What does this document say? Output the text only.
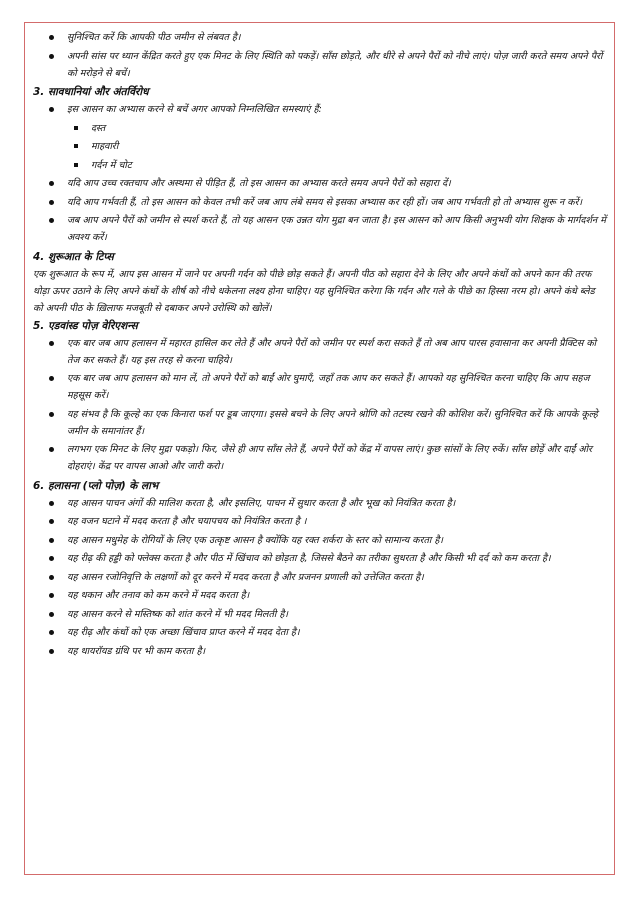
सुनिश्चित करें कि आपकी पीठ जमीन से लंबवत है।
अपनी सांस पर ध्यान केंद्रित करते हुए एक मिनट के लिए स्थिति को पकड़ें। साँस छोड़ते, और धीरे से अपने पैरों को नीचे लाएं। पोज़ जारी करते समय अपने पैरों को मरोड़ने से बचें।
3. सावधानियां और अंतर्विरोध
इस आसन का अभ्यास करने से बचें अगर आपको निम्नलिखित समस्याएं हैं:
दस्त
माहवारी
गर्दन में चोट
यदि आप उच्च रक्तचाप और अस्थमा से पीड़ित हैं, तो इस आसन का अभ्यास करते समय अपने पैरों को सहारा दें।
यदि आप गर्भवती हैं, तो इस आसन को केवल तभी करें जब आप लंबे समय से इसका अभ्यास कर रही हों। जब आप गर्भवती हो तो अभ्यास शुरू न करें।
जब आप अपने पैरों को जमीन से स्पर्श करते हैं, तो यह आसन एक उन्नत योग मुद्रा बन जाता है। इस आसन को आप किसी अनुभवी योग शिक्षक के मार्गदर्शन में अवश्य करें।
4. शुरूआत के टिप्स

एक शुरूआत के रूप में, आप इस आसन में जाने पर अपनी गर्दन को पीछे छोड़ सकते हैं। अपनी पीठ को सहारा देने के लिए और अपने कंधों को अपने कान की तरफ थोड़ा ऊपर उठाने के लिए अपने कंधों के शीर्ष को नीचे धकेलना लक्ष्य होना चाहिए। यह सुनिश्चित करेगा कि गर्दन और गले के पीछे का हिस्सा नरम हो। अपने कंधे ब्लेड को अपनी पीठ के ख़िलाफ मजबूती से दबाकर अपने उरोस्थि को खोलें।

5. एडवांस्ड पोज़ वेरिएशन्स
एक बार जब आप हलासन में महारत हासिल कर लेते हैं और अपने पैरों को जमीन पर स्पर्श करा सकते हैं तो अब आप पारस हवासाना कर अपनी प्रैक्टिस को तेज कर सकते हैं। यह इस तरह से करना चाहिये।
एक बार जब आप हलासन को मान लें, तो अपने पैरों को बाईं ओर घुमाएँ, जहाँ तक आप कर सकते हैं। आपको यह सुनिश्चित करना चाहिए कि आप सहज महसूस करें।
यह संभव है कि कूल्हे का एक किनारा फर्श पर डूब जाएगा। इससे बचने के लिए अपने श्रोणि को तटस्थ रखने की कोशिश करें। सुनिश्चित करें कि आपके कूल्हे जमीन के समानांतर हैं।
लगभग एक मिनट के लिए मुद्रा पकड़ो। फिर, जैसे ही आप साँस लेते हैं, अपने पैरों को केंद्र में वापस लाएं। कुछ सांसों के लिए रुकें। साँस छोड़ें और दाईं ओर दोहराएं। केंद्र पर वापस आओ और जारी करो।
6. हलासना (प्लो पोज़) के लाभ
यह आसन पाचन अंगों की मालिश करता है, और इसलिए, पाचन में सुधार करता है और भूख को नियंत्रित करता है।
यह वजन घटाने में मदद करता है और चयापचय को नियंत्रित करता है ।
यह आसन मधुमेह के रोगियों के लिए एक उत्कृष्ट आसन है क्योंकि यह रक्त शर्करा के स्तर को सामान्य करता है।
यह रीढ़ की हड्डी को फ्लेक्स करता है और पीठ में खिंचाव को छोड़ता है, जिससे बैठने का तरीका सुधरता है और किसी भी दर्द को कम करता है।
यह आसन रजोनिवृत्ति के लक्षणों को दूर करने में मदद करता है और प्रजनन प्रणाली को उत्तेजित करता है।
यह थकान और तनाव को कम करने में मदद करता है।
यह आसन करने से मस्तिष्क को शांत करने में भी मदद मिलती है।
यह रीढ़ और कंधों को एक अच्छा खिंचाव प्राप्त करने में मदद देता है।
यह थायरॉयड ग्रंथि पर भी काम करता है।
